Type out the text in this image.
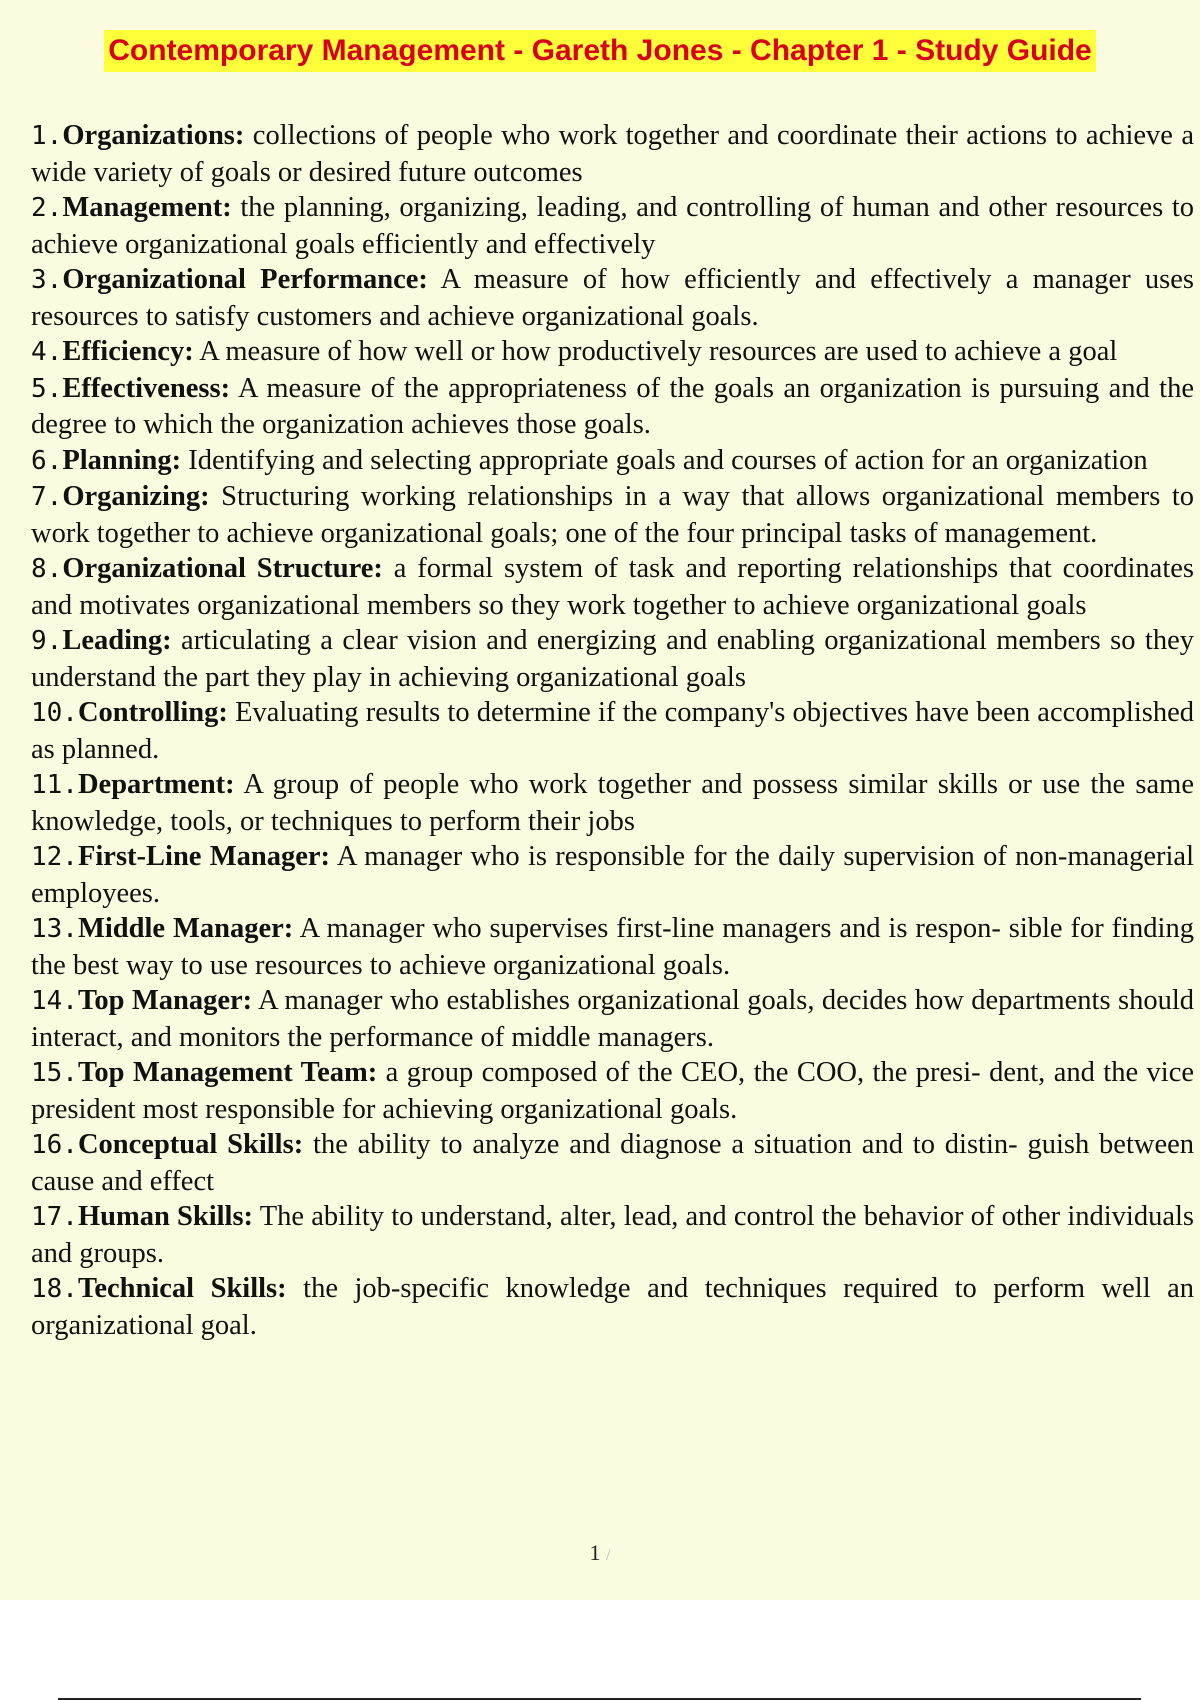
Contemporary Management - Gareth Jones - Chapter 1 - Study Guide
1.Organizations: collections of people who work together and coordinate their actions to achieve a wide variety of goals or desired future outcomes
2.Management: the planning, organizing, leading, and controlling of human and other resources to achieve organizational goals efficiently and effectively
3.Organizational Performance: A measure of how efficiently and effectively a manager uses resources to satisfy customers and achieve organizational goals.
4.Efficiency: A measure of how well or how productively resources are used to achieve a goal
5.Effectiveness: A measure of the appropriateness of the goals an organization is pursuing and the degree to which the organization achieves those goals.
6.Planning: Identifying and selecting appropriate goals and courses of action for an organization
7.Organizing: Structuring working relationships in a way that allows organizational members to work together to achieve organizational goals; one of the four principal tasks of management.
8.Organizational Structure: a formal system of task and reporting relationships that coordinates and motivates organizational members so they work together to achieve organizational goals
9.Leading: articulating a clear vision and energizing and enabling organizational members so they understand the part they play in achieving organizational goals
10.Controlling: Evaluating results to determine if the company's objectives have been accomplished as planned.
11.Department: A group of people who work together and possess similar skills or use the same knowledge, tools, or techniques to perform their jobs
12.First-Line Manager: A manager who is responsible for the daily supervision of non-managerial employees.
13.Middle Manager: A manager who supervises first-line managers and is respon- sible for finding the best way to use resources to achieve organizational goals.
14.Top Manager: A manager who establishes organizational goals, decides how departments should interact, and monitors the performance of middle managers.
15.Top Management Team: a group composed of the CEO, the COO, the presi- dent, and the vice president most responsible for achieving organizational goals.
16.Conceptual Skills: the ability to analyze and diagnose a situation and to distin- guish between cause and effect
17.Human Skills: The ability to understand, alter, lead, and control the behavior of other individuals and groups.
18.Technical Skills: the job-specific knowledge and techniques required to perform well an organizational goal.
1 /
